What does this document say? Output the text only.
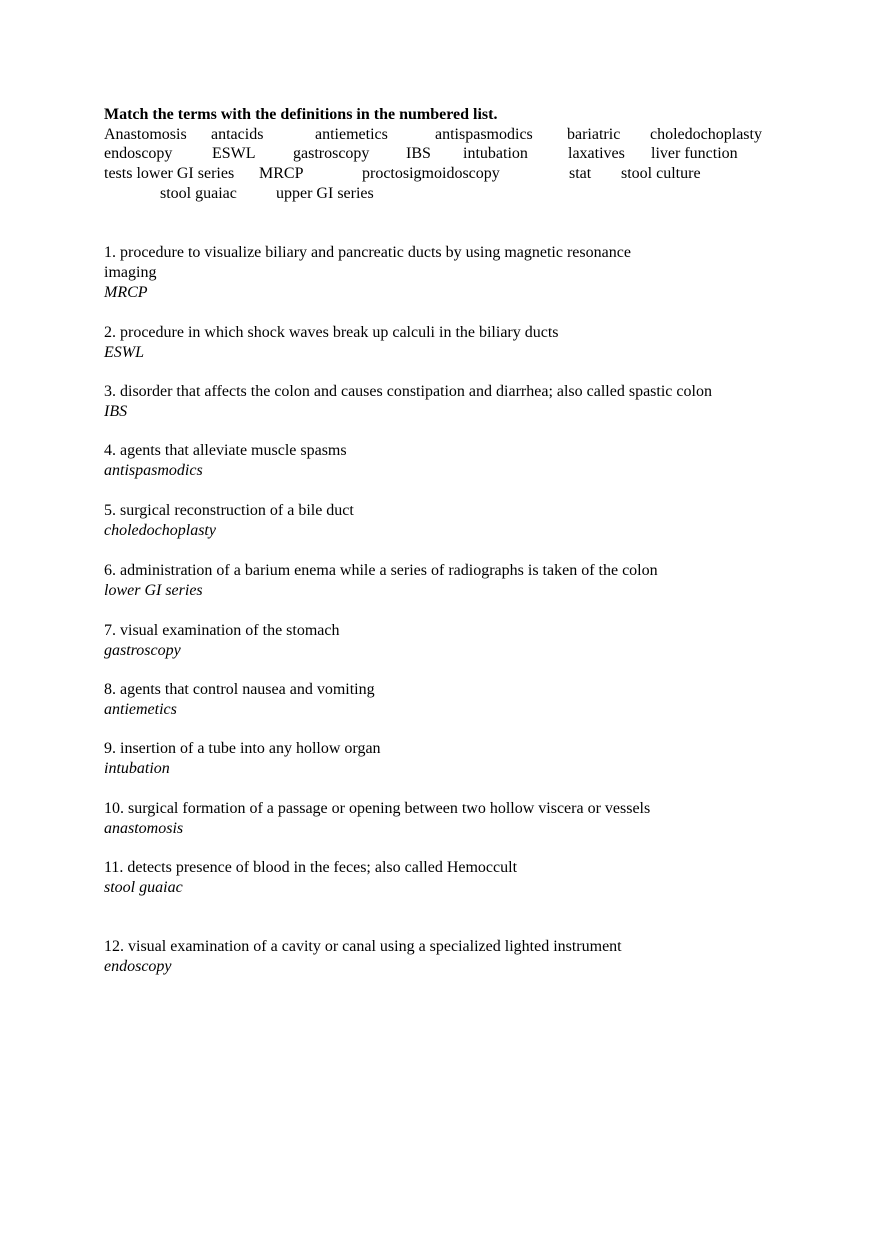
Match the terms with the definitions in the numbered list.
Anastomosis antacids	antiemetics	antispasmodics bariatric choledochoplasty
endoscopy ESWL gastroscopy IBS intubation	laxatives liver function
tests lower GI series MRCP	proctosigmoidoscopy	stat stool culture
stool guaiac upper GI series
1. procedure to visualize biliary and pancreatic ducts by using magnetic resonance imaging
MRCP
2. procedure in which shock waves break up calculi in the biliary ducts
ESWL
3. disorder that affects the colon and causes constipation and diarrhea; also called spastic colon
IBS
4. agents that alleviate muscle spasms
antispasmodics
5. surgical reconstruction of a bile duct
choledochoplasty
6. administration of a barium enema while a series of radiographs is taken of the colon
lower GI series
7. visual examination of the stomach
gastroscopy
8. agents that control nausea and vomiting
antiemetics
9. insertion of a tube into any hollow organ
intubation
10. surgical formation of a passage or opening between two hollow viscera or vessels
anastomosis
11. detects presence of blood in the feces; also called Hemoccult
stool guaiac
12. visual examination of a cavity or canal using a specialized lighted instrument
endoscopy
